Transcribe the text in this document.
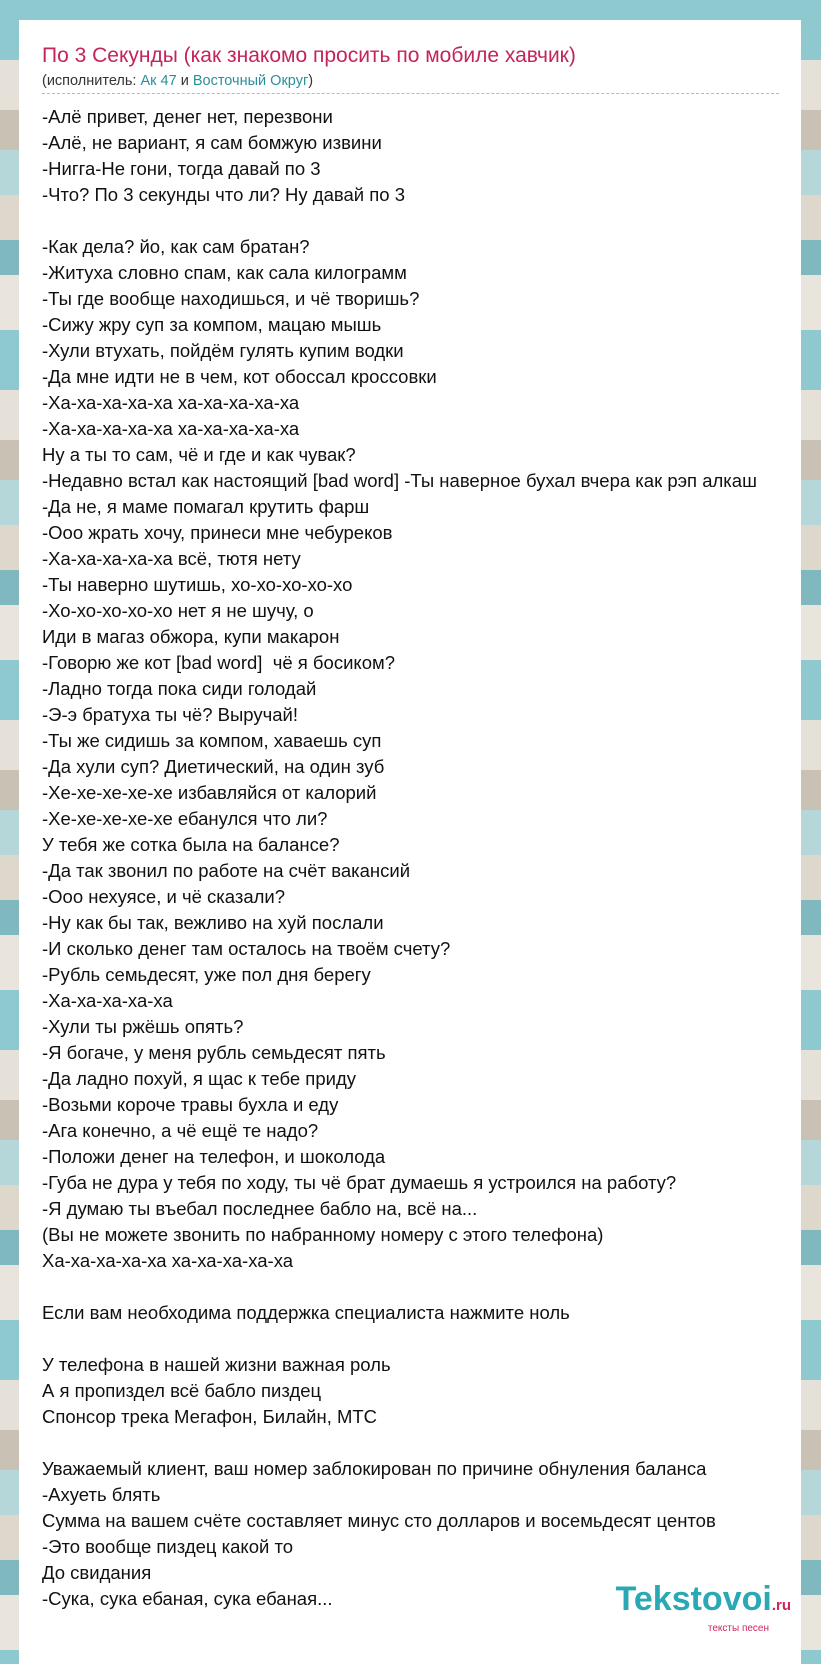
По 3 Секунды (как знакомо просить по мобиле хавчик)
(исполнитель: Ак 47 и Восточный Округ)
-Алё привет, денег нет, перезвони
-Алё, не вариант, я сам бомжую извини
-Нигга-Не гони, тогда давай по 3
-Что? По 3 секунды что ли? Ну давай по 3
-Как дела? йо, как сам братан?
-Житуха словно спам, как сала килограмм
-Ты где вообще находишься, и чё творишь?
-Сижу жру суп за компом, мацаю мышь
-Хули втухать, пойдём гулять купим водки
-Да мне идти не в чем, кот обоссал кроссовки
-Ха-ха-ха-ха-ха ха-ха-ха-ха-ха
-Ха-ха-ха-ха-ха ха-ха-ха-ха-ха
Ну а ты то сам, чё и где и как чувак?
-Недавно встал как настоящий [bad word] -Ты наверное бухал вчера как рэп алкаш
-Да не, я маме помагал крутить фарш
-Ооо жрать хочу, принеси мне чебуреков
-Ха-ха-ха-ха-ха всё, тютя нету
-Ты наверно шутишь, хо-хо-хо-хо-хо
-Хо-хо-хо-хо-хо нет я не шучу, о
Иди в магаз обжора, купи макарон
-Говорю же кот [bad word]  чё я босиком?
-Ладно тогда пока сиди голодай
-Э-э братуха ты чё? Выручай!
-Ты же сидишь за компом, хаваешь суп
-Да хули суп? Диетический, на один зуб
-Хе-хе-хе-хе-хе избавляйся от калорий
-Хе-хе-хе-хе-хе ебанулся что ли?
У тебя же сотка была на балансе?
-Да так звонил по работе на счёт вакансий
-Ооо нехуясе, и чё сказали?
-Ну как бы так, вежливо на хуй послали
-И сколько денег там осталось на твоём счету?
-Рубль семьдесят, уже пол дня берегу
-Ха-ха-ха-ха-ха
-Хули ты ржёшь опять?
-Я богаче, у меня рубль семьдесят пять
-Да ладно похуй, я щас к тебе приду
-Возьми короче травы бухла и еду
-Ага конечно, а чё ещё те надо?
-Положи денег на телефон, и шоколода
-Губа не дура у тебя по ходу, ты чё брат думаешь я устроился на работу?
-Я думаю ты въебал последнее бабло на, всё на...
(Вы не можете звонить по набранному номеру с этого телефона)
Ха-ха-ха-ха-ха ха-ха-ха-ха-ха
Если вам необходима поддержка специалиста нажмите ноль
У телефона в нашей жизни важная роль
А я пропиздел всё бабло пиздец
Спонсор трека Мегафон, Билайн, МТС
Уважаемый клиент, ваш номер заблокирован по причине обнуления баланса
-Ахуеть блять
Сумма на вашем счёте составляет минус сто долларов и восемьдесят центов
-Это вообще пиздец какой то
До свидания
-Сука, сука ебаная, сука ебаная...	Tekstovoi.ru
тексты песен
